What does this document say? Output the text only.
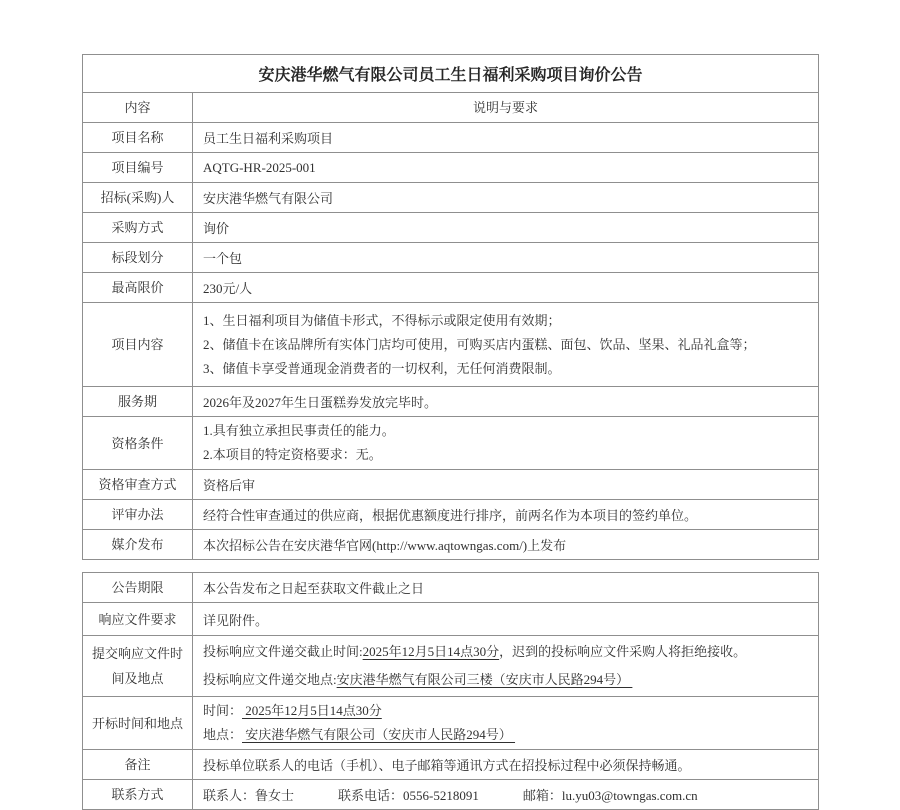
安庆港华燃气有限公司员工生日福利采购项目询价公告	
内容	说明与要求
项目名称	员工生日福利采购项目
项目编号	AQTG-HR-2025-001
招标(采购)人	安庆港华燃气有限公司
采购方式	询价
标段划分	一个包
最高限价	230元/人
项目内容	1、生日福利项目为储值卡形式，不得标示或限定使用有效期；

2、储值卡在该品牌所有实体门店均可使用，可购买店内蛋糕、面包、饮品、坚果、礼品礼盒等；

3、储值卡享受普通现金消费者的一切权利，无任何消费限制。

服务期	2026年及2027年生日蛋糕券发放完毕时。
资格条件	1.具有独立承担民事责任的能力。

2.本项目的特定资格要求：无。

资格审查方式	资格后审
评审办法	经符合性审查通过的供应商，根据优惠额度进行排序，前两名作为本项目的签约单位。
媒介发布	本次招标公告在安庆港华官网(http://www.aqtowngas.com/)上发布
公告期限	本公告发布之日起至获取文件截止之日
响应文件要求	详见附件。
提交响应文件时间及地点	投标响应文件递交截止时间:2025年12月5日14点30分，迟到的投标响应文件采购人将拒绝接收。

投标响应文件递交地点:安庆港华燃气有限公司三楼（安庆市人民路294号）

开标时间和地点	时间： 2025年12月5日14点30分

地点： 安庆港华燃气有限公司（安庆市人民路294号）

备注	投标单位联系人的电话（手机）、电子邮箱等通讯方式在招投标过程中必须保持畅通。
联系方式	联系人：鲁女士 联系电话：0556-5218091 邮箱：lu.yu03@towngas.com.cn
